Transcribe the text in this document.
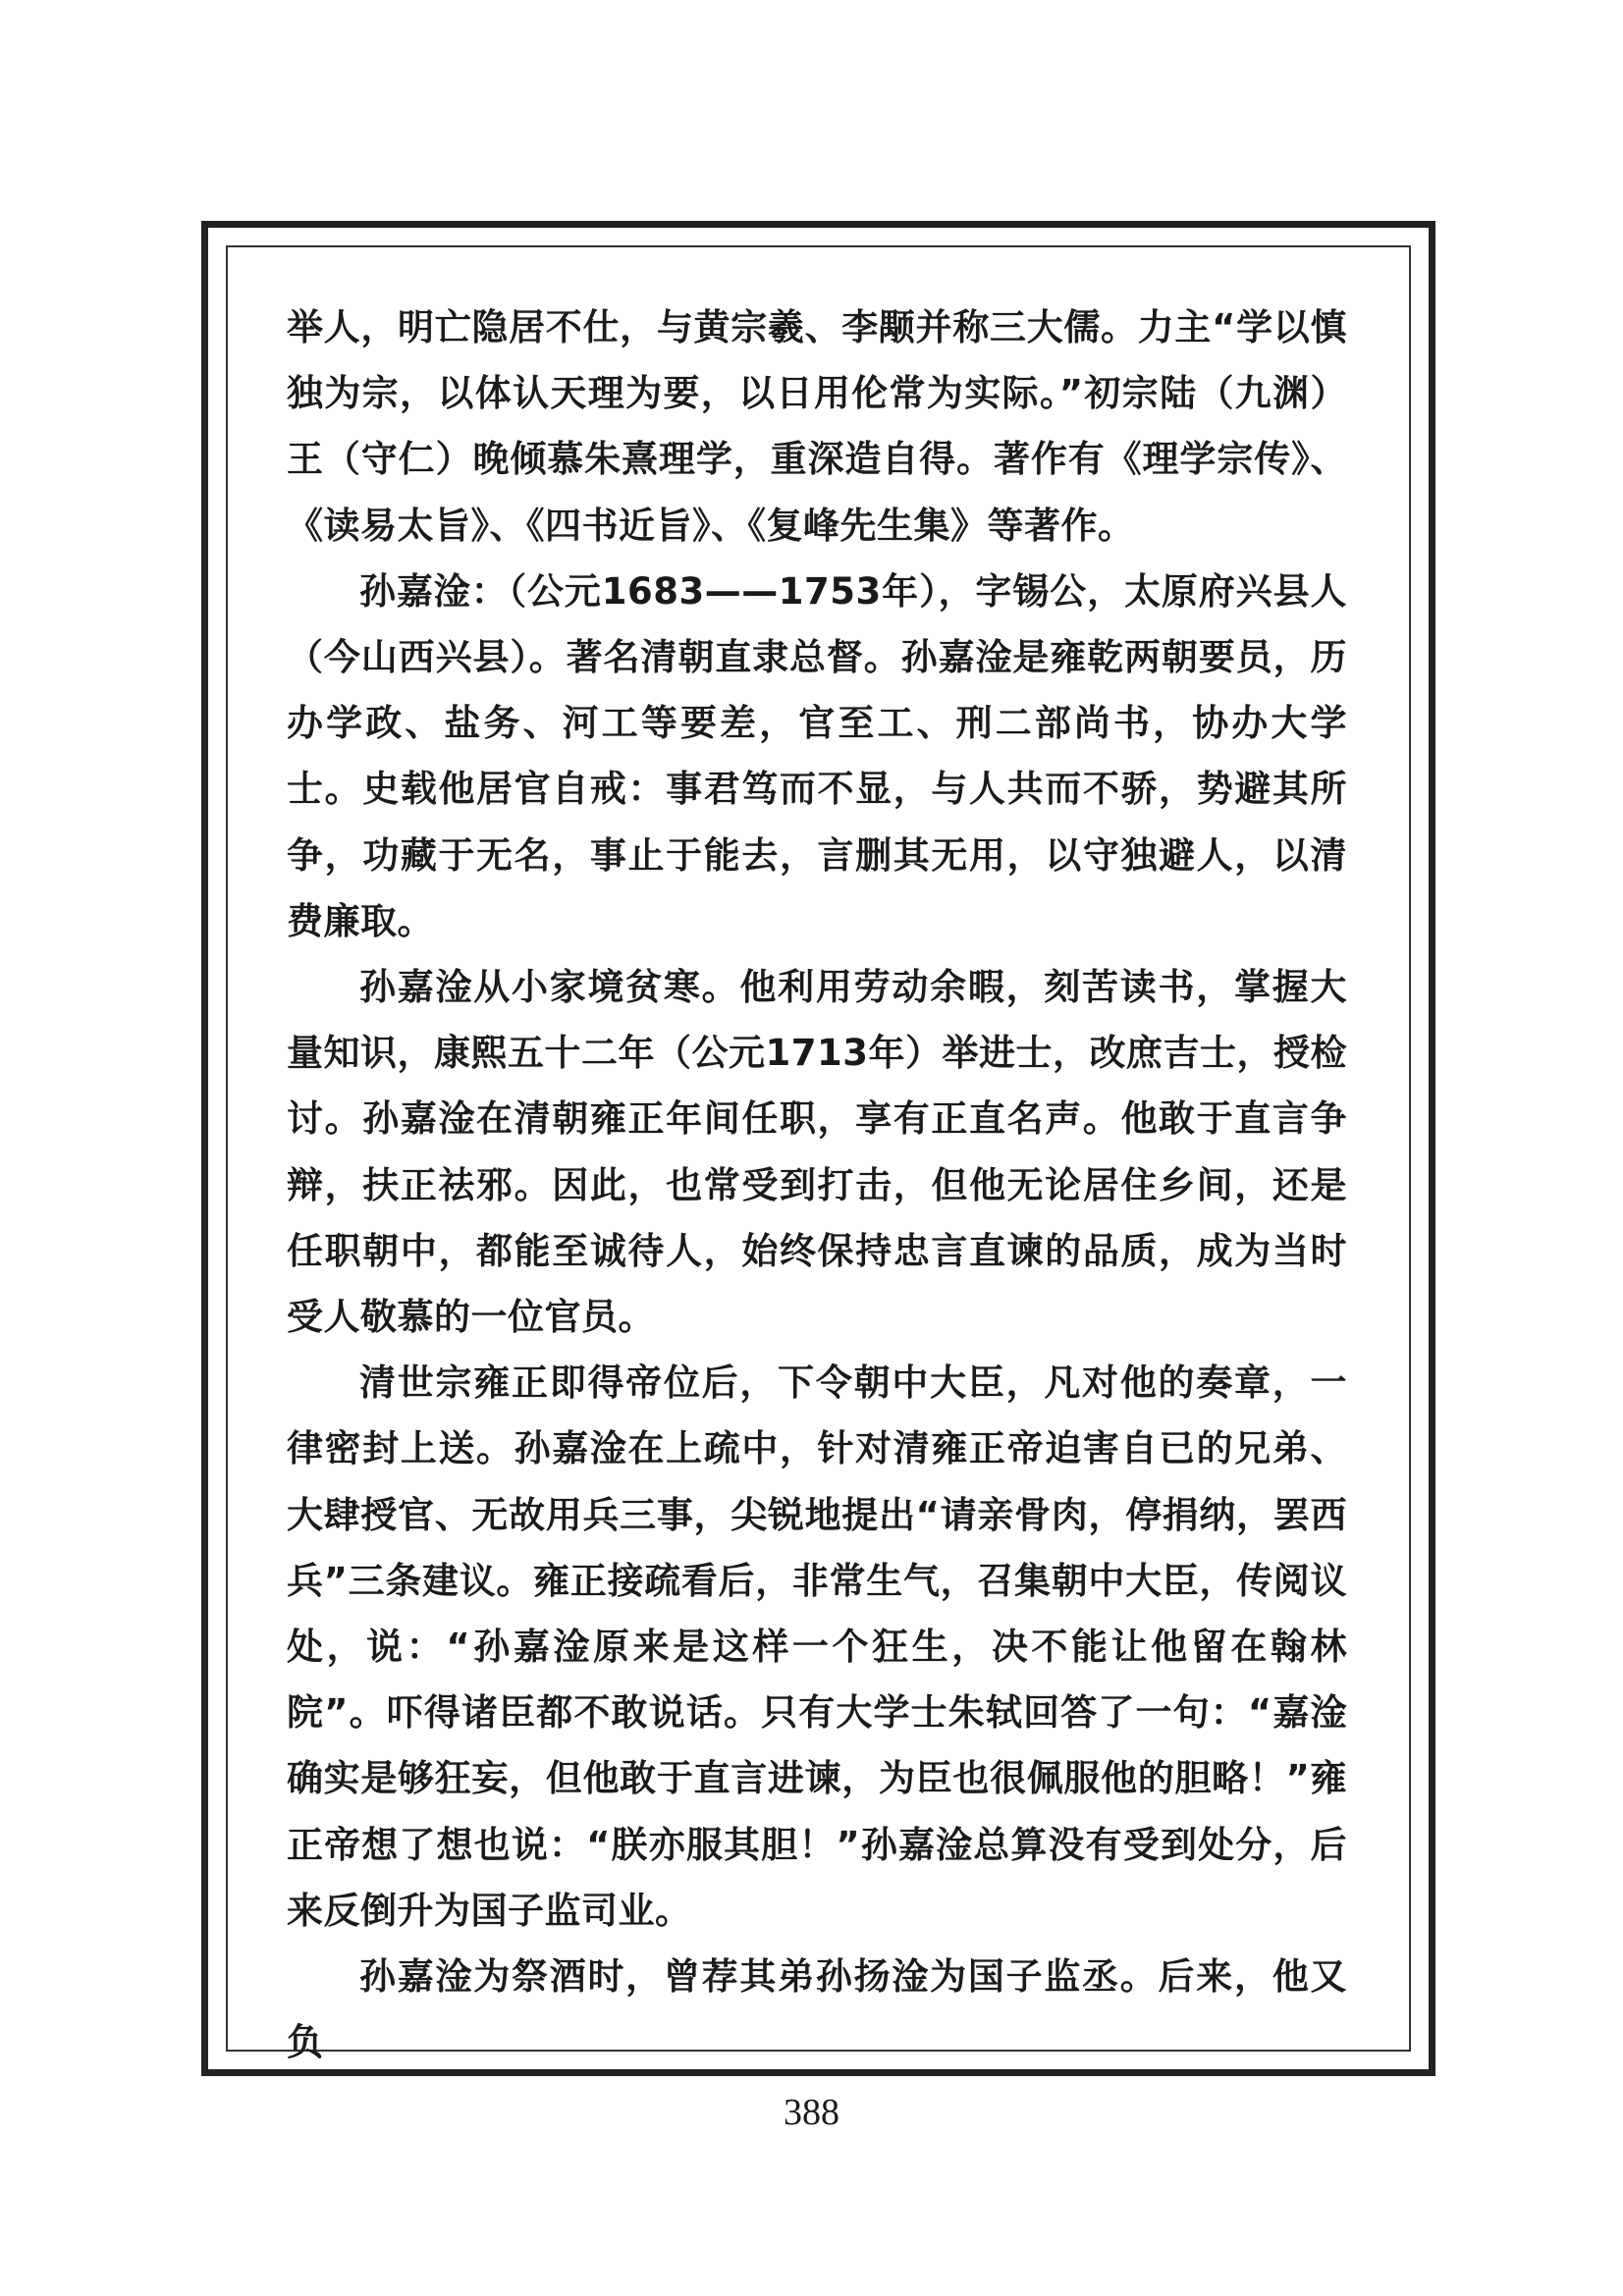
举人，明亡隐居不仕，与黄宗羲、李颙并称三大儒。力主“学以慎独为宗，以体认天理为要，以日用伦常为实际。”初宗陆（九渊）王（守仁）晚倾慕朱熹理学，重深造自得。著作有《理学宗传》、《读易太旨》、《四书近旨》、《复峰先生集》等著作。

孙嘉淦：（公元1683——1753年），字锡公，太原府兴县人（今山西兴县）。著名清朝直隶总督。孙嘉淦是雍乾两朝要员，历办学政、盐务、河工等要差，官至工、刑二部尚书，协办大学士。史载他居官自戒：事君笃而不显，与人共而不骄，势避其所争，功藏于无名，事止于能去，言删其无用，以守独避人，以清费廉取。

孙嘉淦从小家境贫寒。他利用劳动余暇，刻苦读书，掌握大量知识，康熙五十二年（公元1713年）举进士，改庶吉士，授检讨。孙嘉淦在清朝雍正年间任职，享有正直名声。他敢于直言争辩，扶正祛邪。因此，也常受到打击，但他无论居住乡间，还是任职朝中，都能至诚待人，始终保持忠言直谏的品质，成为当时受人敬慕的一位官员。

清世宗雍正即得帝位后，下令朝中大臣，凡对他的奏章，一律密封上送。孙嘉淦在上疏中，针对清雍正帝迫害自已的兄弟、大肆授官、无故用兵三事，尖锐地提出“请亲骨肉，停捐纳，罢西兵”三条建议。雍正接疏看后，非常生气，召集朝中大臣，传阅议处，说：“孙嘉淦原来是这样一个狂生，决不能让他留在翰林院”。吓得诸臣都不敢说话。只有大学士朱轼回答了一句：“嘉淦确实是够狂妄，但他敢于直言进谏，为臣也很佩服他的胆略！”雍正帝想了想也说：“朕亦服其胆！”孙嘉淦总算没有受到处分，后来反倒升为国子监司业。

孙嘉淦为祭酒时，曾荐其弟孙扬淦为国子监丞。后来，他又负

388
